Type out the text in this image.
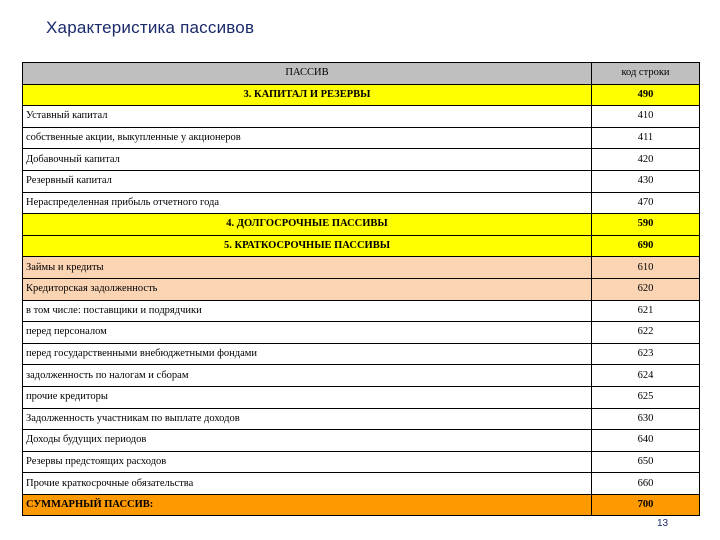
Характеристика пассивов
ПАССИВ	код строки
3. КАПИТАЛ И РЕЗЕРВЫ	490
Уставный капитал	410
собственные акции, выкупленные у акционеров	411
Добавочный капитал	420
Резервный капитал	430
Нераспределенная прибыль отчетного года	470
4. ДОЛГОСРОЧНЫЕ ПАССИВЫ	590
5. КРАТКОСРОЧНЫЕ ПАССИВЫ	690
Займы и кредиты	610
Кредиторская задолженность	620
в том числе: поставщики и подрядчики	621
перед персоналом	622
перед государственными внебюджетными фондами	623
задолженность по налогам и сборам	624
прочие кредиторы	625
Задолженность участникам по выплате доходов	630
Доходы будущих периодов	640
Резервы предстоящих расходов	650
Прочие краткосрочные обязательства	660
СУММАРНЫЙ ПАССИВ:	700
13
